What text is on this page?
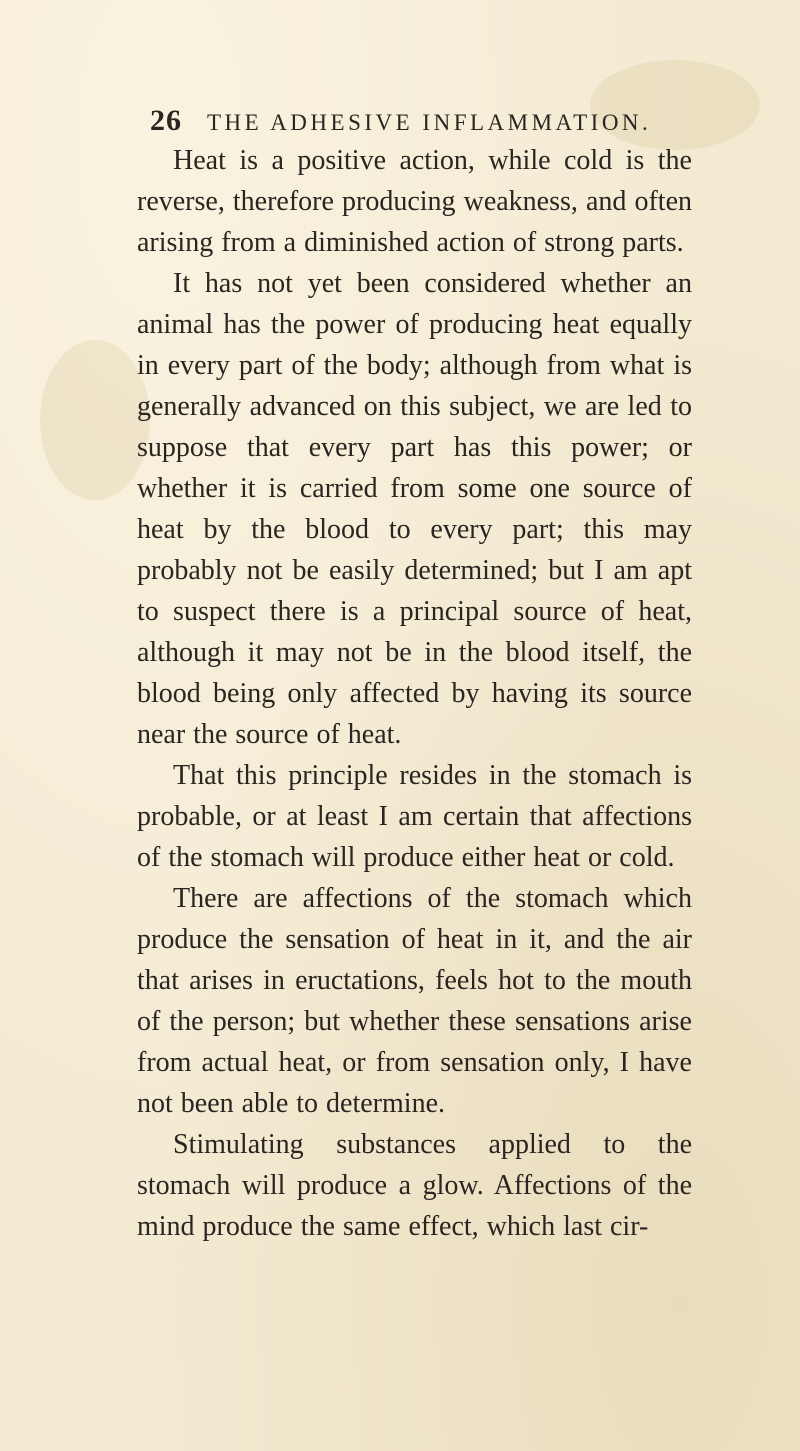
26 THE ADHESIVE INFLAMMATION.

Heat is a positive action, while cold is the reverse, therefore producing weakness, and often arising from a diminished action of strong parts.

It has not yet been considered whether an animal has the power of producing heat equally in every part of the body; although from what is generally advanced on this subject, we are led to suppose that every part has this power; or whether it is carried from some one source of heat by the blood to every part; this may probably not be easily determined; but I am apt to suspect there is a principal source of heat, although it may not be in the blood itself, the blood being only affected by having its source near the source of heat.

That this principle resides in the stomach is probable, or at least I am certain that affections of the stomach will produce either heat or cold.

There are affections of the stomach which produce the sensation of heat in it, and the air that arises in eructations, feels hot to the mouth of the person; but whether these sensations arise from actual heat, or from sensation only, I have not been able to determine.

Stimulating substances applied to the stomach will produce a glow. Affections of the mind produce the same effect, which last cir-
